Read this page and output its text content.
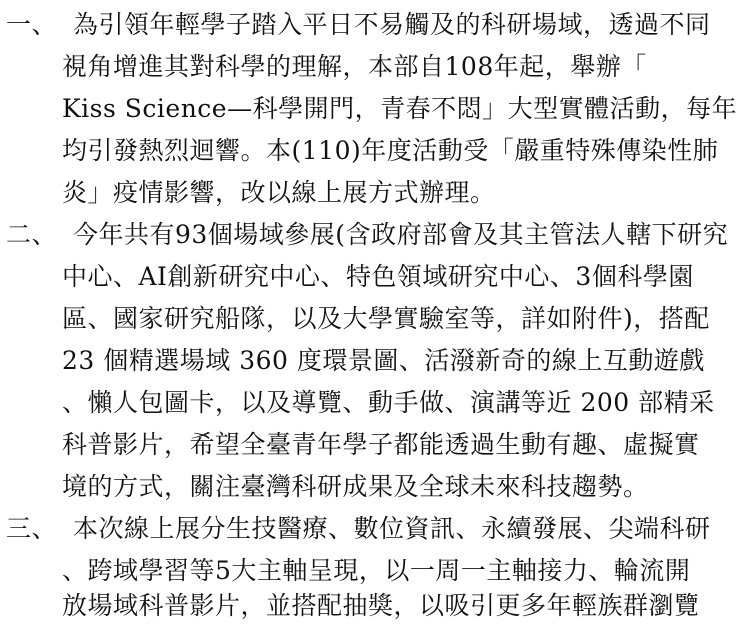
一、 為引領年輕學子踏入平日不易觸及的科研場域，透過不同
視角增進其對科學的理解，本部自108年起，舉辦「
Kiss Science—科學開門，青春不悶」大型實體活動，每年
均引發熱烈迴響。本(110)年度活動受「嚴重特殊傳染性肺
炎」疫情影響，改以線上展方式辦理。
二、 今年共有93個場域參展(含政府部會及其主管法人轄下研究
中心、AI創新研究中心、特色領域研究中心、3個科學園
區、國家研究船隊，以及大學實驗室等，詳如附件)，搭配
23 個精選場域 360 度環景圖、活潑新奇的線上互動遊戲
、懶人包圖卡，以及導覽、動手做、演講等近 200 部精采
科普影片，希望全臺青年學子都能透過生動有趣、虛擬實
境的方式，關注臺灣科研成果及全球未來科技趨勢。
三、 本次線上展分生技醫療、數位資訊、永續發展、尖端科研
、跨域學習等5大主軸呈現，以一周一主軸接力、輪流開
放場域科普影片，並搭配抽獎，以吸引更多年輕族群瀏覽
